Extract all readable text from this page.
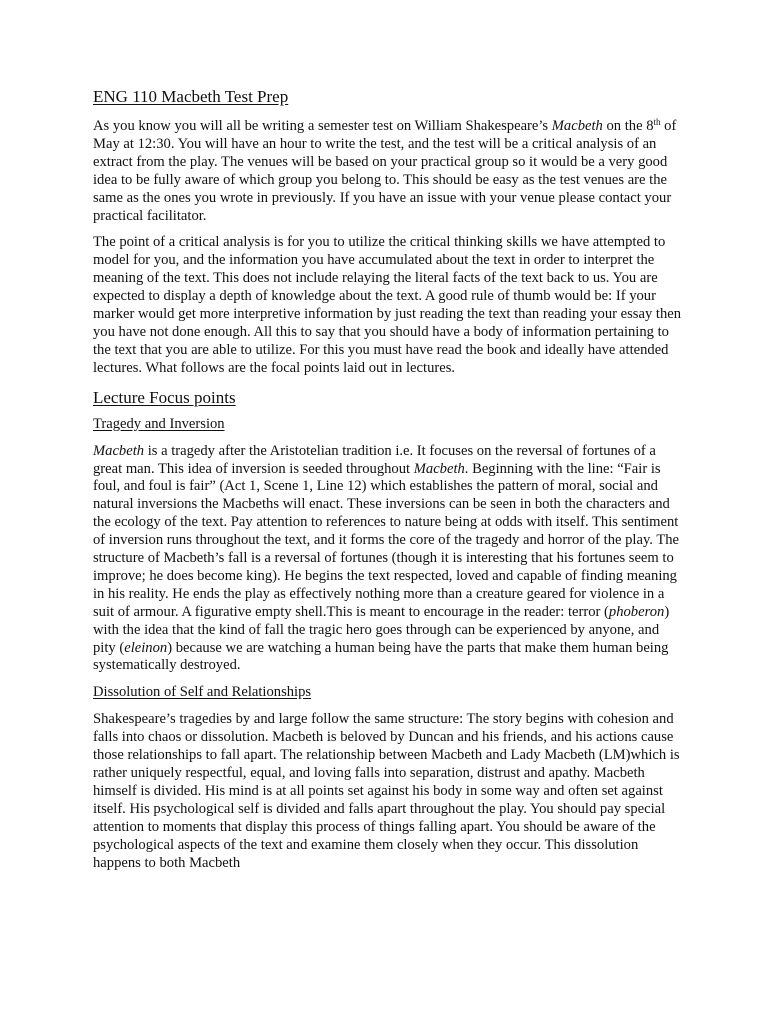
ENG 110 Macbeth Test Prep

As you know you will all be writing a semester test on William Shakespeare’s Macbeth on the 8th of May at 12:30. You will have an hour to write the test, and the test will be a critical analysis of an extract from the play. The venues will be based on your practical group so it would be a very good idea to be fully aware of which group you belong to. This should be easy as the test venues are the same as the ones you wrote in previously. If you have an issue with your venue please contact your practical facilitator.

The point of a critical analysis is for you to utilize the critical thinking skills we have attempted to model for you, and the information you have accumulated about the text in order to interpret the meaning of the text. This does not include relaying the literal facts of the text back to us. You are expected to display a depth of knowledge about the text. A good rule of thumb would be: If your marker would get more interpretive information by just reading the text than reading your essay then you have not done enough. All this to say that you should have a body of information pertaining to the text that you are able to utilize. For this you must have read the book and ideally have attended lectures. What follows are the focal points laid out in lectures.

Lecture Focus points

Tragedy and Inversion

Macbeth is a tragedy after the Aristotelian tradition i.e. It focuses on the reversal of fortunes of a great man. This idea of inversion is seeded throughout Macbeth. Beginning with the line: “Fair is foul, and foul is fair” (Act 1, Scene 1, Line 12) which establishes the pattern of moral, social and natural inversions the Macbeths will enact. These inversions can be seen in both the characters and the ecology of the text. Pay attention to references to nature being at odds with itself. This sentiment of inversion runs throughout the text, and it forms the core of the tragedy and horror of the play. The structure of Macbeth’s fall is a reversal of fortunes (though it is interesting that his fortunes seem to improve; he does become king). He begins the text respected, loved and capable of finding meaning in his reality. He ends the play as effectively nothing more than a creature geared for violence in a suit of armour. A figurative empty shell.This is meant to encourage in the reader: terror (phoberon) with the idea that the kind of fall the tragic hero goes through can be experienced by anyone, and pity (eleinon) because we are watching a human being have the parts that make them human being systematically destroyed.

Dissolution of Self and Relationships

Shakespeare’s tragedies by and large follow the same structure: The story begins with cohesion and falls into chaos or dissolution. Macbeth is beloved by Duncan and his friends, and his actions cause those relationships to fall apart. The relationship between Macbeth and Lady Macbeth (LM)which is rather uniquely respectful, equal, and loving falls into separation, distrust and apathy. Macbeth himself is divided. His mind is at all points set against his body in some way and often set against itself. His psychological self is divided and falls apart throughout the play. You should pay special attention to moments that display this process of things falling apart. You should be aware of the psychological aspects of the text and examine them closely when they occur. This dissolution happens to both Macbeth
